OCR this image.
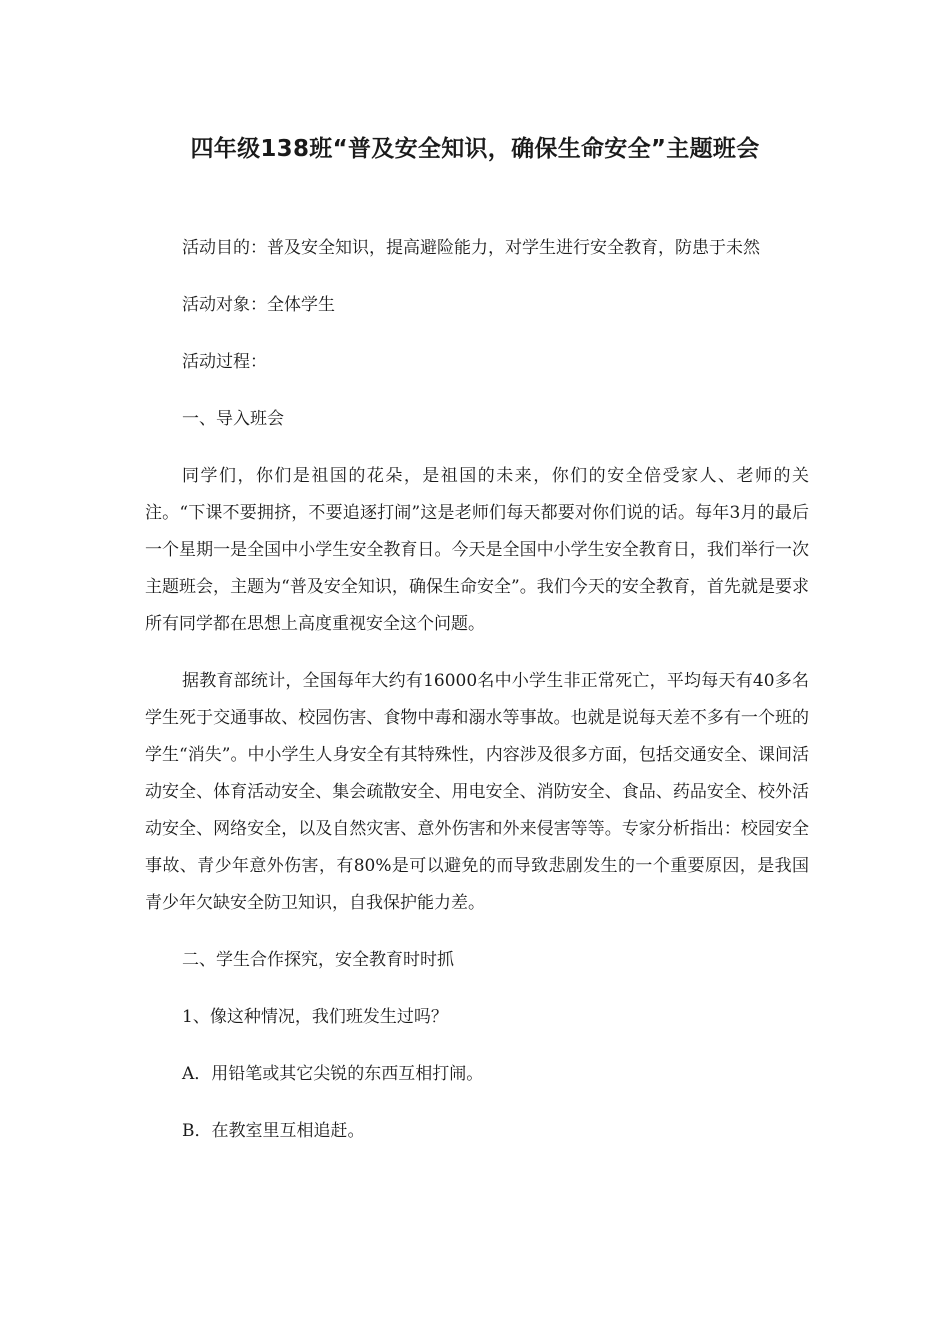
四年级138班“普及安全知识，确保生命安全”主题班会

活动目的：普及安全知识，提高避险能力，对学生进行安全教育，防患于未然

活动对象：全体学生

活动过程：

一、导入班会

同学们，你们是祖国的花朵，是祖国的未来，你们的安全倍受家人、老师的关注。“下课不要拥挤，不要追逐打闹”这是老师们每天都要对你们说的话。每年3月的最后一个星期一是全国中小学生安全教育日。今天是全国中小学生安全教育日，我们举行一次主题班会，主题为“普及安全知识，确保生命安全”。我们今天的安全教育，首先就是要求所有同学都在思想上高度重视安全这个问题。

据教育部统计，全国每年大约有16000名中小学生非正常死亡，平均每天有40多名学生死于交通事故、校园伤害、食物中毒和溺水等事故。也就是说每天差不多有一个班的学生“消失”。中小学生人身安全有其特殊性，内容涉及很多方面，包括交通安全、课间活动安全、体育活动安全、集会疏散安全、用电安全、消防安全、食品、药品安全、校外活动安全、网络安全，以及自然灾害、意外伤害和外来侵害等等。专家分析指出：校园安全事故、青少年意外伤害，有80%是可以避免的而导致悲剧发生的一个重要原因，是我国青少年欠缺安全防卫知识，自我保护能力差。

二、学生合作探究，安全教育时时抓

1、像这种情况，我们班发生过吗？

A．用铅笔或其它尖锐的东西互相打闹。

B．在教室里互相追赶。
